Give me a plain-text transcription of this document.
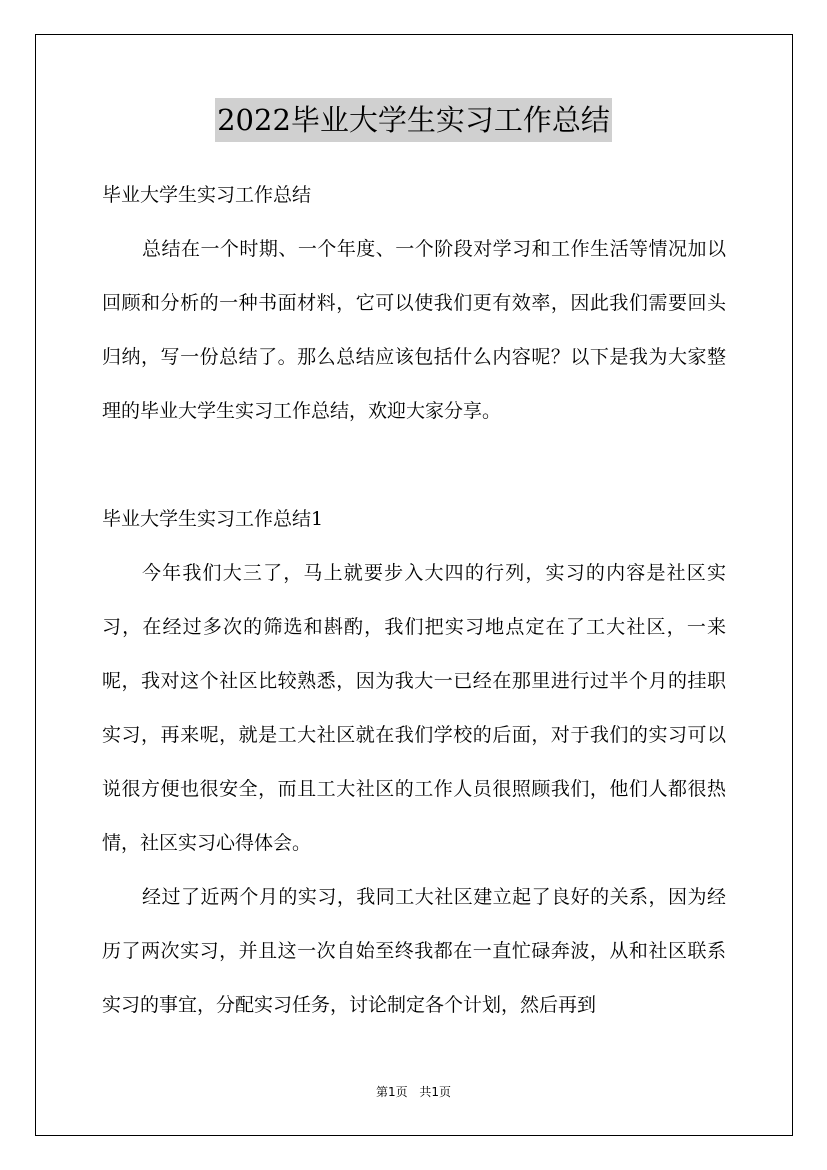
2022毕业大学生实习工作总结

毕业大学生实习工作总结

总结在一个时期、一个年度、一个阶段对学习和工作生活等情况加以回顾和分析的一种书面材料，它可以使我们更有效率，因此我们需要回头归纳，写一份总结了。那么总结应该包括什么内容呢？以下是我为大家整理的毕业大学生实习工作总结，欢迎大家分享。

毕业大学生实习工作总结1

今年我们大三了，马上就要步入大四的行列，实习的内容是社区实习，在经过多次的筛选和斟酌，我们把实习地点定在了工大社区，一来呢，我对这个社区比较熟悉，因为我大一已经在那里进行过半个月的挂职实习，再来呢，就是工大社区就在我们学校的后面，对于我们的实习可以说很方便也很安全，而且工大社区的工作人员很照顾我们，他们人都很热情，社区实习心得体会。

经过了近两个月的实习，我同工大社区建立起了良好的关系，因为经历了两次实习，并且这一次自始至终我都在一直忙碌奔波，从和社区联系实习的事宜，分配实习任务，讨论制定各个计划，然后再到

第1页 共1页
